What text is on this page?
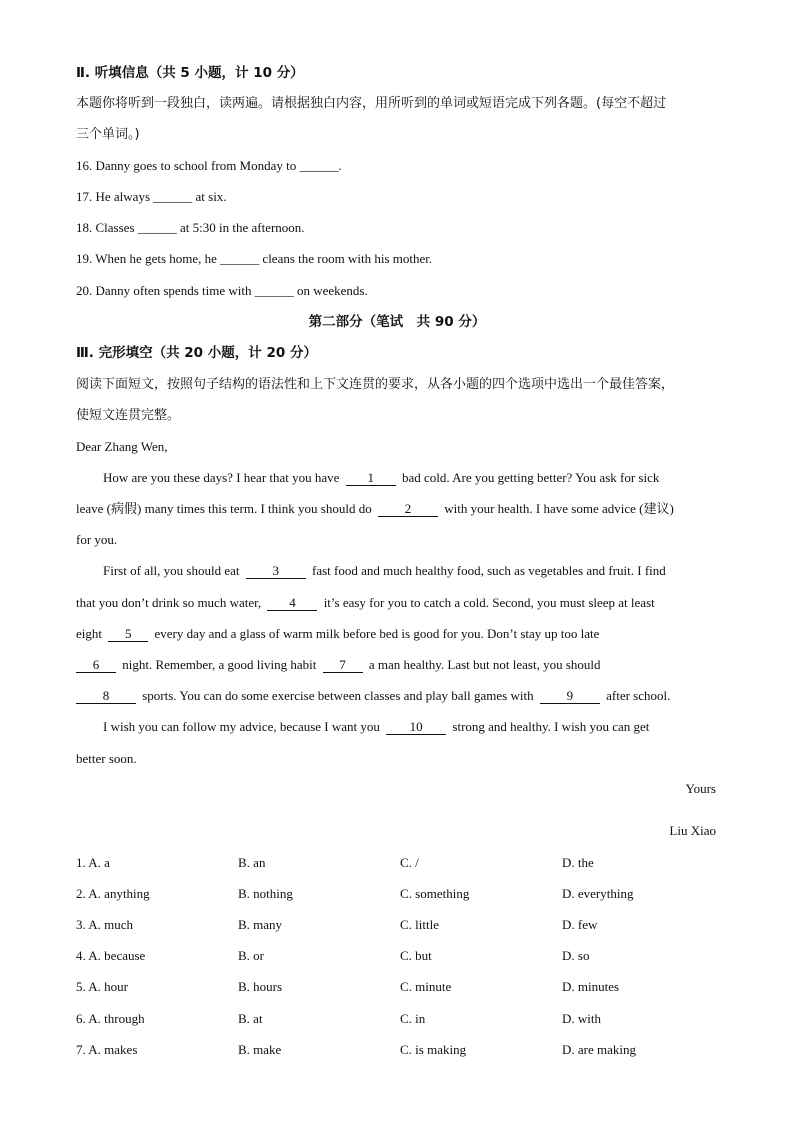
Ⅱ. 听填信息（共 5 小题，计 10 分）
本题你将听到一段独白，读两遍。请根据独白内容，用所听到的单词或短语完成下列各题。(每空不超过
三个单词。)
16. Danny goes to school from Monday to ______.
17. He always ______ at six.
18. Classes ______ at 5:30 in the afternoon.
19. When he gets home, he ______ cleans the room with his mother.
20. Danny often spends time with ______ on weekends.
第二部分（笔试　共 90 分）
Ⅲ. 完形填空（共 20 小题，计 20 分）
阅读下面短文，按照句子结构的语法性和上下文连贯的要求，从各小题的四个选项中选出一个最佳答案，
使短文连贯完整。
Dear Zhang Wen,
How are you these days? I hear that you have 1 bad cold. Are you getting better? You ask for sick
leave (病假) many times this term. I think you should do	2	with your health. I have some advice (建议)
for you.
First of all, you should eat	3	fast food and much healthy food, such as vegetables and fruit. I find
that you don’t drink so much water, 4 it’s easy for you to catch a cold. Second, you must sleep at least
eight 5 every day and a glass of warm milk before bed is good for you. Don’t stay up too late
6 night. Remember, a good living habit 7 a man healthy. Last but not least, you should
8	sports. You can do some exercise between classes and play ball games with	9	after school.
I wish you can follow my advice, because I want you 10 strong and healthy. I wish you can get
better soon.
Yours
Liu Xiao
1. A. a	B. an	C. /	D. the
2. A. anything	B. nothing	C. something	D. everything
3. A. much	B. many	C. little	D. few
4. A. because	B. or	C. but	D. so
5. A. hour	B. hours	C. minute	D. minutes
6. A. through	B. at	C. in	D. with
7. A. makes	B. make	C. is making	D. are making
